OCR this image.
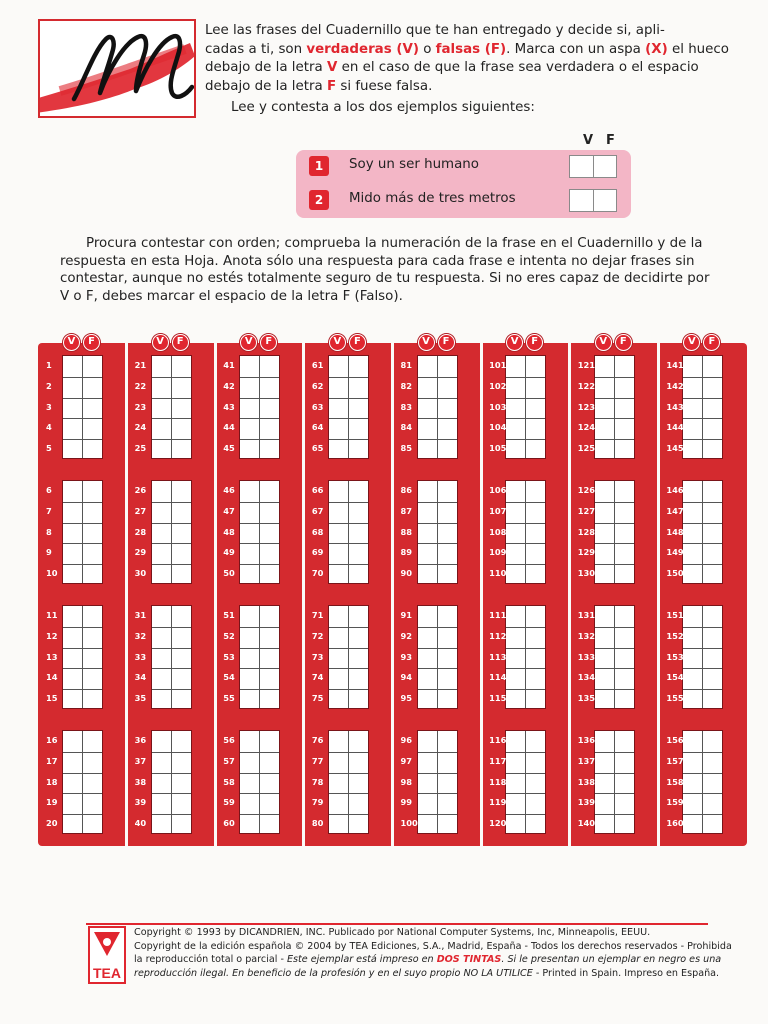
Lee las frases del Cuadernillo que te han entregado y decide si, apli-
cadas a ti, son verdaderas (V) o falsas (F). Marca con un aspa (X) el hueco
debajo de la letra V en el caso de que la frase sea verdadera o el espacio
debajo de la letra F si fuese falsa.
Lee y contesta a los dos ejemplos siguientes:
V F
1	Soy un ser humano
2	Mido más de tres metros
Procura contestar con orden; comprueba la numeración de la frase en el Cuadernillo y de la
respuesta en esta Hoja. Anota sólo una respuesta para cada frase e intenta no dejar frases sin
contestar, aunque no estés totalmente seguro de tu respuesta. Si no eres capaz de decidirte por
V o F, debes marcar el espacio de la letra F (Falso).
V	F
1
2
3
4
5
6
7
8
9
10
11
12
13
14
15
16
17
18
19
20
V	F
21
22
23
24
25
26
27
28
29
30
31
32
33
34
35
36
37
38
39
40
V	F
41
42
43
44
45
46
47
48
49
50
51
52
53
54
55
56
57
58
59
60
V	F
61
62
63
64
65
66
67
68
69
70
71
72
73
74
75
76
77
78
79
80
V	F
81
82
83
84
85
86
87
88
89
90
91
92
93
94
95
96
97
98
99
100
V	F
101
102
103
104
105
106
107
108
109
110
111
112
113
114
115
116
117
118
119
120
V	F
121
122
123
124
125
126
127
128
129
130
131
132
133
134
135
136
137
138
139
140
V	F
141
142
143
144
145
146
147
148
149
150
151
152
153
154
155
156
157
158
159
160
TEA
Copyright © 1993 by DICANDRIEN, INC. Publicado por National Computer Systems, Inc, Minneapolis, EEUU.
Copyright de la edición española © 2004 by TEA Ediciones, S.A., Madrid, España - Todos los derechos reservados - Prohibida
la reproducción total o parcial - Este ejemplar está impreso en DOS TINTAS. Si le presentan un ejemplar en negro es una
reproducción ilegal. En beneficio de la profesión y en el suyo propio NO LA UTILICE - Printed in Spain. Impreso en España.
